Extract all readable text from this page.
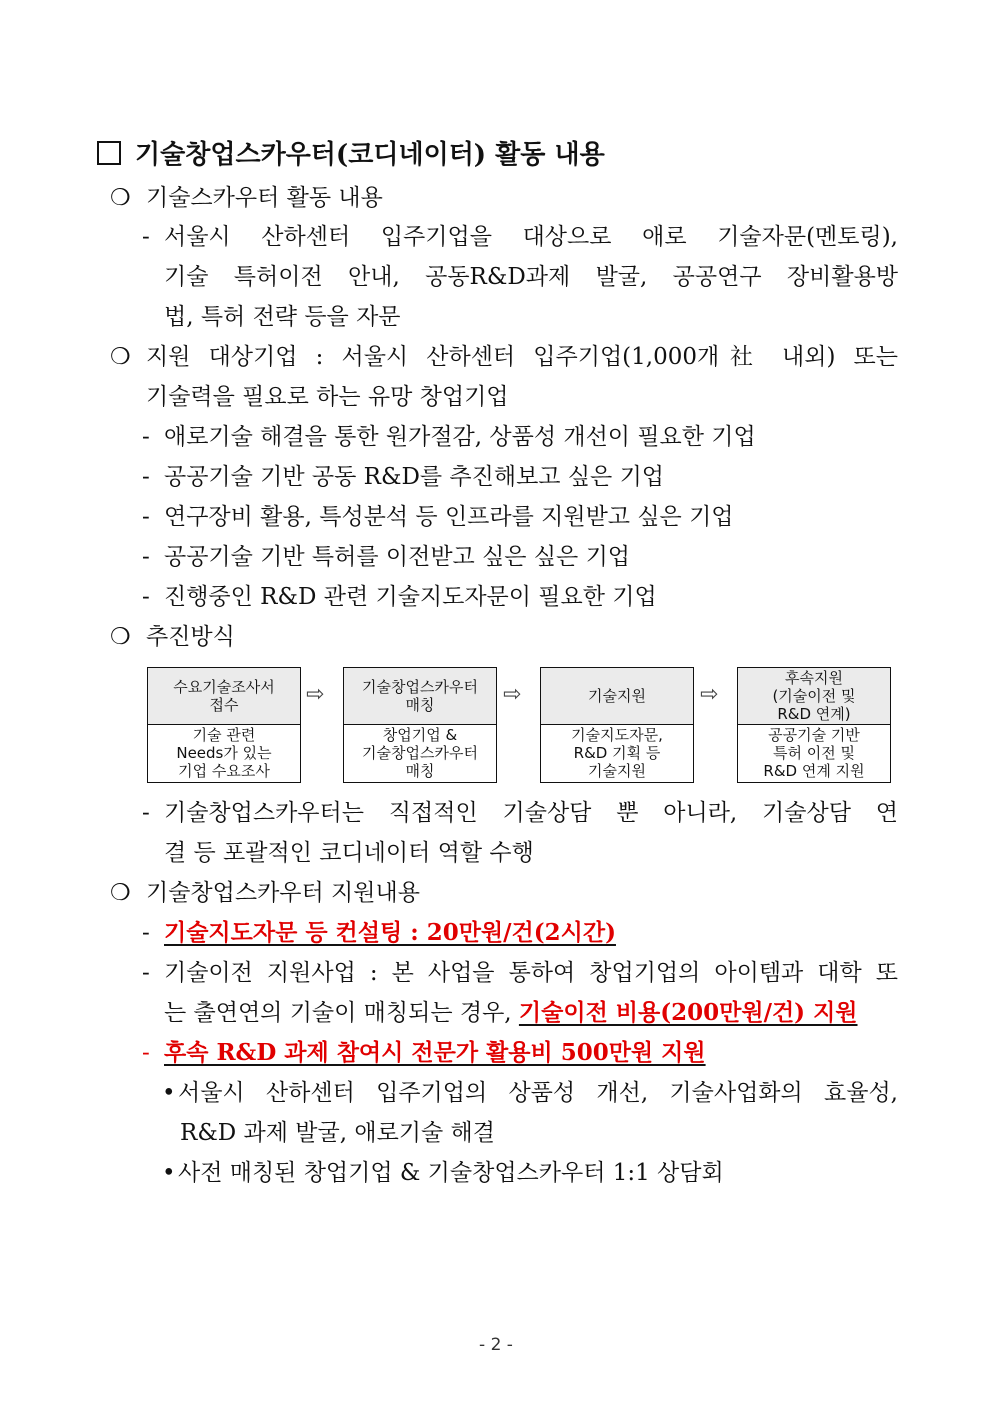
기술창업스카우터(코디네이터) 활동 내용
❍ 기술스카우터 활동 내용
- 서울시 산하센터 입주기업을 대상으로 애로 기술자문(멘토링),
기술 특허이전 안내, 공동R&D과제 발굴, 공공연구 장비활용방
법, 특허 전략 등을 자문
❍ 지원 대상기업 : 서울시 산하센터 입주기업(1,000개社 내외) 또는
기술력을 필요로 하는 유망 창업기업
- 애로기술 해결을 통한 원가절감, 상품성 개선이 필요한 기업
- 공공기술 기반 공동 R&D를 추진해보고 싶은 기업
- 연구장비 활용, 특성분석 등 인프라를 지원받고 싶은 기업
- 공공기술 기반 특허를 이전받고 싶은 싶은 기업
- 진행중인 R&D 관련 기술지도자문이 필요한 기업
❍ 추진방식
수요기술조사서
접수
기술 관련
Needs가 있는
기업 수요조사
⇨	기술창업스카우터
매칭
창업기업 &
기술창업스카우터
매칭
⇨	기술지원
기술지도자문,
R&D 기획 등
기술지원
⇨
후속지원
(기술이전 및
R&D 연계)
공공기술 기반
특허 이전 및
R&D 연계 지원
- 기술창업스카우터는 직접적인 기술상담 뿐 아니라, 기술상담 연
결 등 포괄적인 코디네이터 역할 수행
❍ 기술창업스카우터 지원내용
- 기술지도자문 등 컨설팅 : 20만원/건(2시간)
- 기술이전 지원사업 : 본 사업을 통하여 창업기업의 아이템과 대학 또
는 출연연의 기술이 매칭되는 경우, 기술이전 비용(200만원/건) 지원
- 후속 R&D 과제 참여시 전문가 활용비 500만원 지원
• 서울시 산하센터 입주기업의 상품성 개선, 기술사업화의 효율성,
R&D 과제 발굴, 애로기술 해결
• 사전 매칭된 창업기업 & 기술창업스카우터 1:1 상담회
- 2 -
